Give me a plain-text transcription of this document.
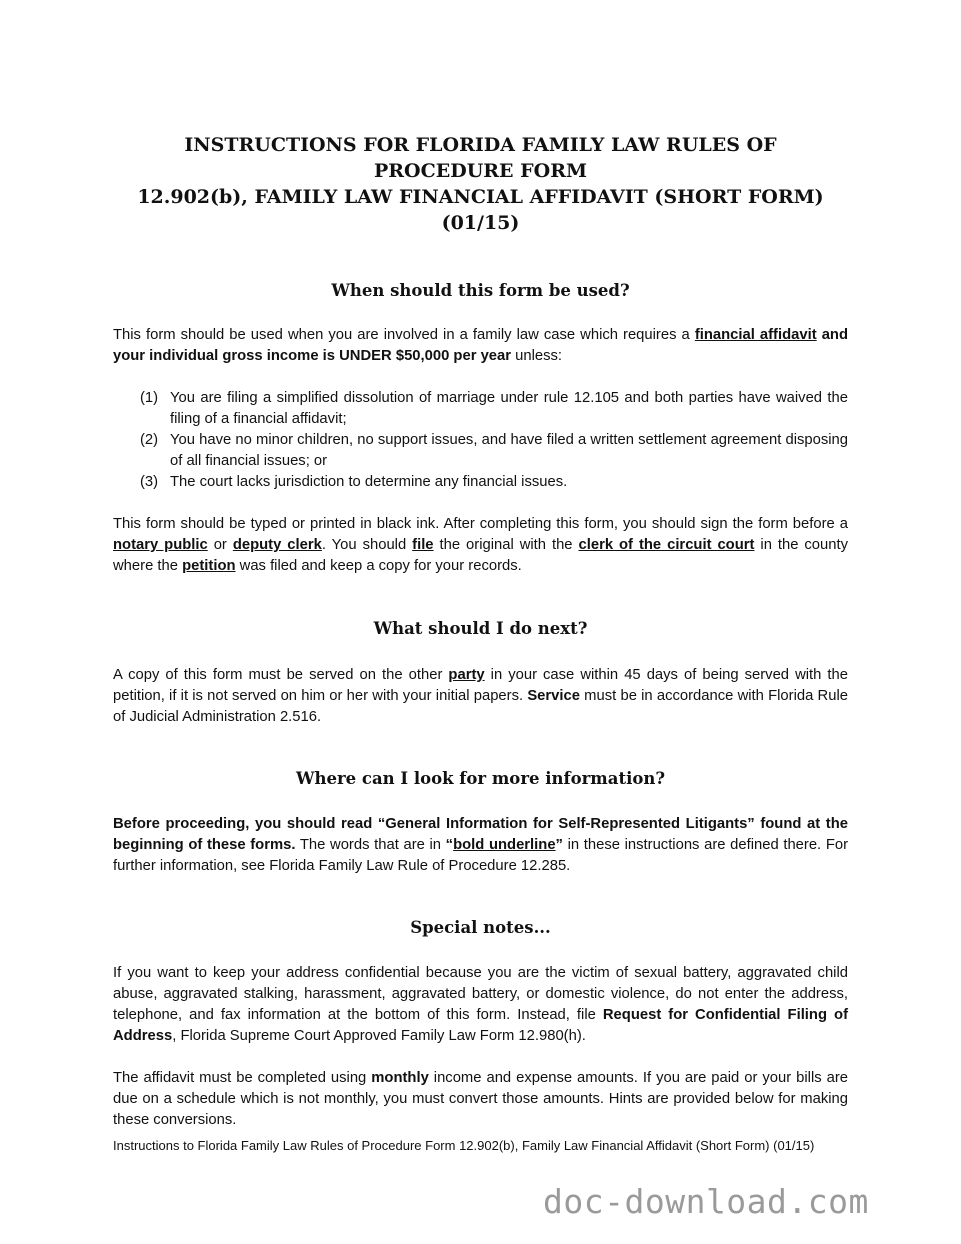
INSTRUCTIONS FOR FLORIDA FAMILY LAW RULES OF PROCEDURE FORM
12.902(b), FAMILY LAW FINANCIAL AFFIDAVIT (SHORT FORM) (01/15)
When should this form be used?

This form should be used when you are involved in a family law case which requires a financial affidavit and your individual gross income is UNDER $50,000 per year unless:

(1) You are filing a simplified dissolution of marriage under rule 12.105 and both parties have waived the filing of a financial affidavit;
(2) You have no minor children, no support issues, and have filed a written settlement agreement disposing of all financial issues; or
(3) The court lacks jurisdiction to determine any financial issues.

This form should be typed or printed in black ink. After completing this form, you should sign the form before a notary public or deputy clerk. You should file the original with the clerk of the circuit court in the county where the petition was filed and keep a copy for your records.

What should I do next?

A copy of this form must be served on the other party in your case within 45 days of being served with the petition, if it is not served on him or her with your initial papers. Service must be in accordance with Florida Rule of Judicial Administration 2.516.

Where can I look for more information?

Before proceeding, you should read “General Information for Self-Represented Litigants” found at the beginning of these forms. The words that are in “bold underline” in these instructions are defined there. For further information, see Florida Family Law Rule of Procedure 12.285.

Special notes...

If you want to keep your address confidential because you are the victim of sexual battery, aggravated child abuse, aggravated stalking, harassment, aggravated battery, or domestic violence, do not enter the address, telephone, and fax information at the bottom of this form. Instead, file Request for Confidential Filing of Address, Florida Supreme Court Approved Family Law Form 12.980(h).

The affidavit must be completed using monthly income and expense amounts. If you are paid or your bills are due on a schedule which is not monthly, you must convert those amounts. Hints are provided below for making these conversions.

Instructions to Florida Family Law Rules of Procedure Form 12.902(b), Family Law Financial Affidavit (Short Form) (01/15)

doc-download.com
